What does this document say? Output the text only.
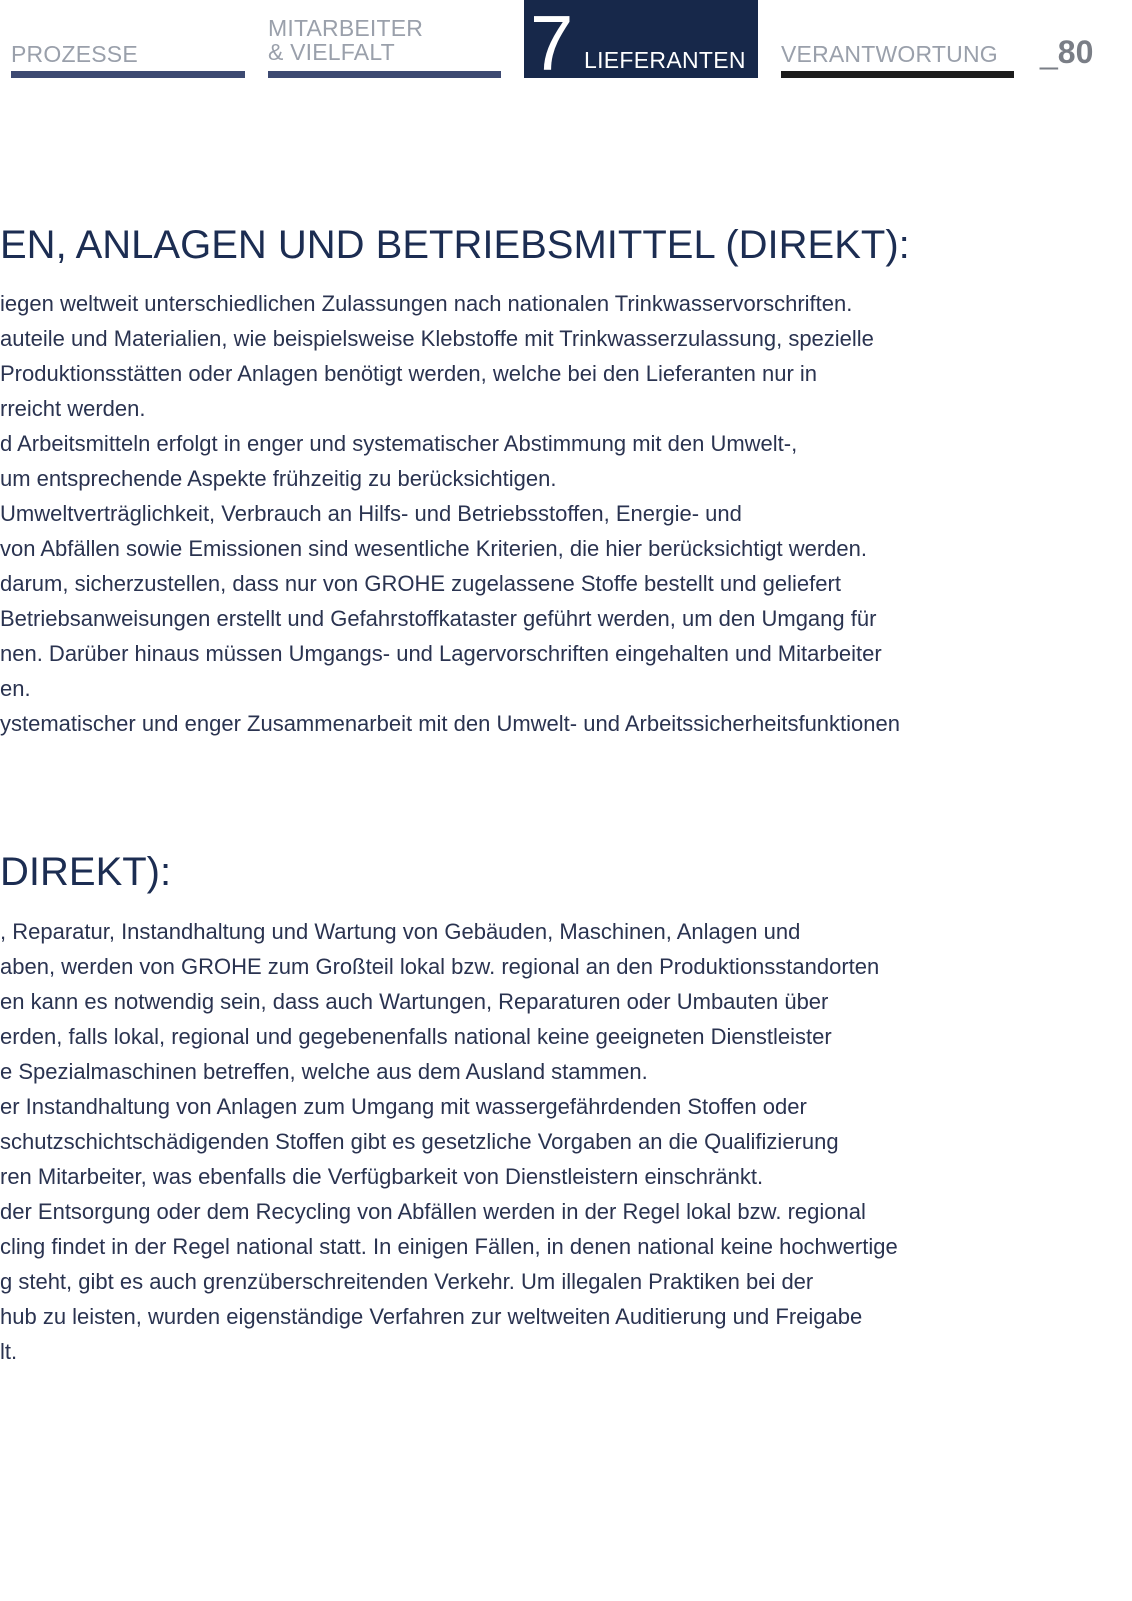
PROZESSE
MITARBEITER
& VIELFALT	7 LIEFERANTEN VERANTWORTUNG _80
EN, ANLAGEN UND BETRIEBSMITTEL (DIREKT):
iegen weltweit unterschiedlichen Zulassungen nach nationalen Trinkwasservorschriften.
auteile und Materialien, wie beispielsweise Klebstoffe mit Trinkwasserzulassung, spezielle
Produktionsstätten oder Anlagen benötigt werden, welche bei den Lieferanten nur in
rreicht werden.
d Arbeitsmitteln erfolgt in enger und systematischer Abstimmung mit den Umwelt-,
um entsprechende Aspekte frühzeitig zu berücksichtigen.
Umweltverträglichkeit, Verbrauch an Hilfs- und Betriebsstoffen, Energie- und
von Abfällen sowie Emissionen sind wesentliche Kriterien, die hier berücksichtigt werden.
darum, sicherzustellen, dass nur von GROHE zugelassene Stoffe bestellt und geliefert
Betriebsanweisungen erstellt und Gefahrstoffkataster geführt werden, um den Umgang für
nen. Darüber hinaus müssen Umgangs- und Lagervorschriften eingehalten und Mitarbeiter
en.
ystematischer und enger Zusammenarbeit mit den Umwelt- und Arbeitssicherheitsfunktionen
DIREKT):
, Reparatur, Instandhaltung und Wartung von Gebäuden, Maschinen, Anlagen und
aben, werden von GROHE zum Großteil lokal bzw. regional an den Produktionsstandorten
en kann es notwendig sein, dass auch Wartungen, Reparaturen oder Umbauten über
erden, falls lokal, regional und gegebenenfalls national keine geeigneten Dienstleister
e Spezialmaschinen betreffen, welche aus dem Ausland stammen.
er Instandhaltung von Anlagen zum Umgang mit wassergefährdenden Stoffen oder
schutzschichtschädigenden Stoffen gibt es gesetzliche Vorgaben an die Qualifizierung
ren Mitarbeiter, was ebenfalls die Verfügbarkeit von Dienstleistern einschränkt.
der Entsorgung oder dem Recycling von Abfällen werden in der Regel lokal bzw. regional
cling findet in der Regel national statt. In einigen Fällen, in denen national keine hochwertige
g steht, gibt es auch grenzüberschreitenden Verkehr. Um illegalen Praktiken bei der
hub zu leisten, wurden eigenständige Verfahren zur weltweiten Auditierung und Freigabe
lt.
